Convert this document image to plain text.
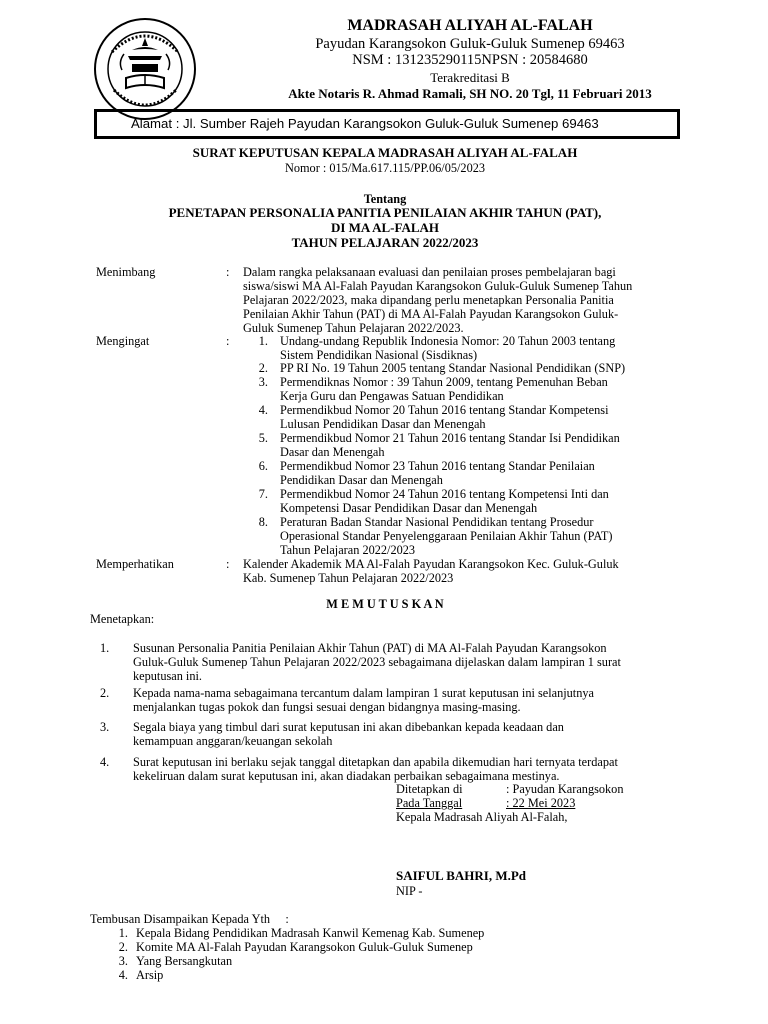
MADRASAH ALIYAH AL-FALAH
Payudan Karangsokon Guluk-Guluk Sumenep 69463
NSM : 131235290115NPSN : 20584680
Terakreditasi B
Akte Notaris R. Ahmad Ramali, SH NO. 20 Tgl, 11 Februari 2013
Alamat : Jl. Sumber Rajeh Payudan Karangsokon Guluk-Guluk Sumenep 69463
SURAT KEPUTUSAN KEPALA MADRASAH ALIYAH AL-FALAH
Nomor : 015/Ma.617.115/PP.06/05/2023
Tentang
PENETAPAN PERSONALIA PANITIA PENILAIAN AKHIR TAHUN (PAT),
DI MA AL-FALAH
TAHUN PELAJARAN 2022/2023
Menimbang	: Dalam rangka pelaksanaan evaluasi dan penilaian proses pembelajaran bagi
siswa/siswi MA Al-Falah Payudan Karangsokon Guluk-Guluk Sumenep Tahun
Pelajaran 2022/2023, maka dipandang perlu menetapkan Personalia Panitia
Penilaian Akhir Tahun (PAT) di MA Al-Falah Payudan Karangsokon Guluk-
Guluk Sumenep Tahun Pelajaran 2022/2023.
Mengingat	:	1. Undang-undang Republik Indonesia Nomor: 20 Tahun 2003 tentang
Sistem Pendidikan Nasional (Sisdiknas)
2. PP RI No. 19 Tahun 2005 tentang Standar Nasional Pendidikan (SNP)
3. Permendiknas Nomor : 39 Tahun 2009, tentang Pemenuhan Beban
Kerja Guru dan Pengawas Satuan Pendidikan
4. Permendikbud Nomor 20 Tahun 2016 tentang Standar Kompetensi
Lulusan Pendidikan Dasar dan Menengah
5. Permendikbud Nomor 21 Tahun 2016 tentang Standar Isi Pendidikan
Dasar dan Menengah
6. Permendikbud Nomor 23 Tahun 2016 tentang Standar Penilaian
Pendidikan Dasar dan Menengah
7. Permendikbud Nomor 24 Tahun 2016 tentang Kompetensi Inti dan
Kompetensi Dasar Pendidikan Dasar dan Menengah
8. Peraturan Badan Standar Nasional Pendidikan tentang Prosedur
Operasional Standar Penyelenggaraan Penilaian Akhir Tahun (PAT)
Tahun Pelajaran 2022/2023
Memperhatikan	: Kalender Akademik MA Al-Falah Payudan Karangsokon Kec. Guluk-Guluk
Kab. Sumenep Tahun Pelajaran 2022/2023
M E M U T U S K A N
Menetapkan:
1.	Susunan Personalia Panitia Penilaian Akhir Tahun (PAT) di MA Al-Falah Payudan Karangsokon
Guluk-Guluk Sumenep Tahun Pelajaran 2022/2023 sebagaimana dijelaskan dalam lampiran 1 surat
keputusan ini.
2.	Kepada nama-nama sebagaimana tercantum dalam lampiran 1 surat keputusan ini selanjutnya
menjalankan tugas pokok dan fungsi sesuai dengan bidangnya masing-masing.
3.	Segala biaya yang timbul dari surat keputusan ini akan dibebankan kepada keadaan dan
kemampuan anggaran/keuangan sekolah
4.	Surat keputusan ini berlaku sejak tanggal ditetapkan dan apabila dikemudian hari ternyata terdapat
kekeliruan dalam surat keputusan ini, akan diadakan perbaikan sebagaimana mestinya.
Ditetapkan di	: Payudan Karangsokon
Pada Tanggal	: 22 Mei 2023
Kepala Madrasah Aliyah Al-Falah,
SAIFUL BAHRI, M.Pd
NIP -
Tembusan Disampaikan Kepada Yth     :
1. Kepala Bidang Pendidikan Madrasah Kanwil Kemenag Kab. Sumenep
2. Komite MA Al-Falah Payudan Karangsokon Guluk-Guluk Sumenep
3. Yang Bersangkutan
4. Arsip
